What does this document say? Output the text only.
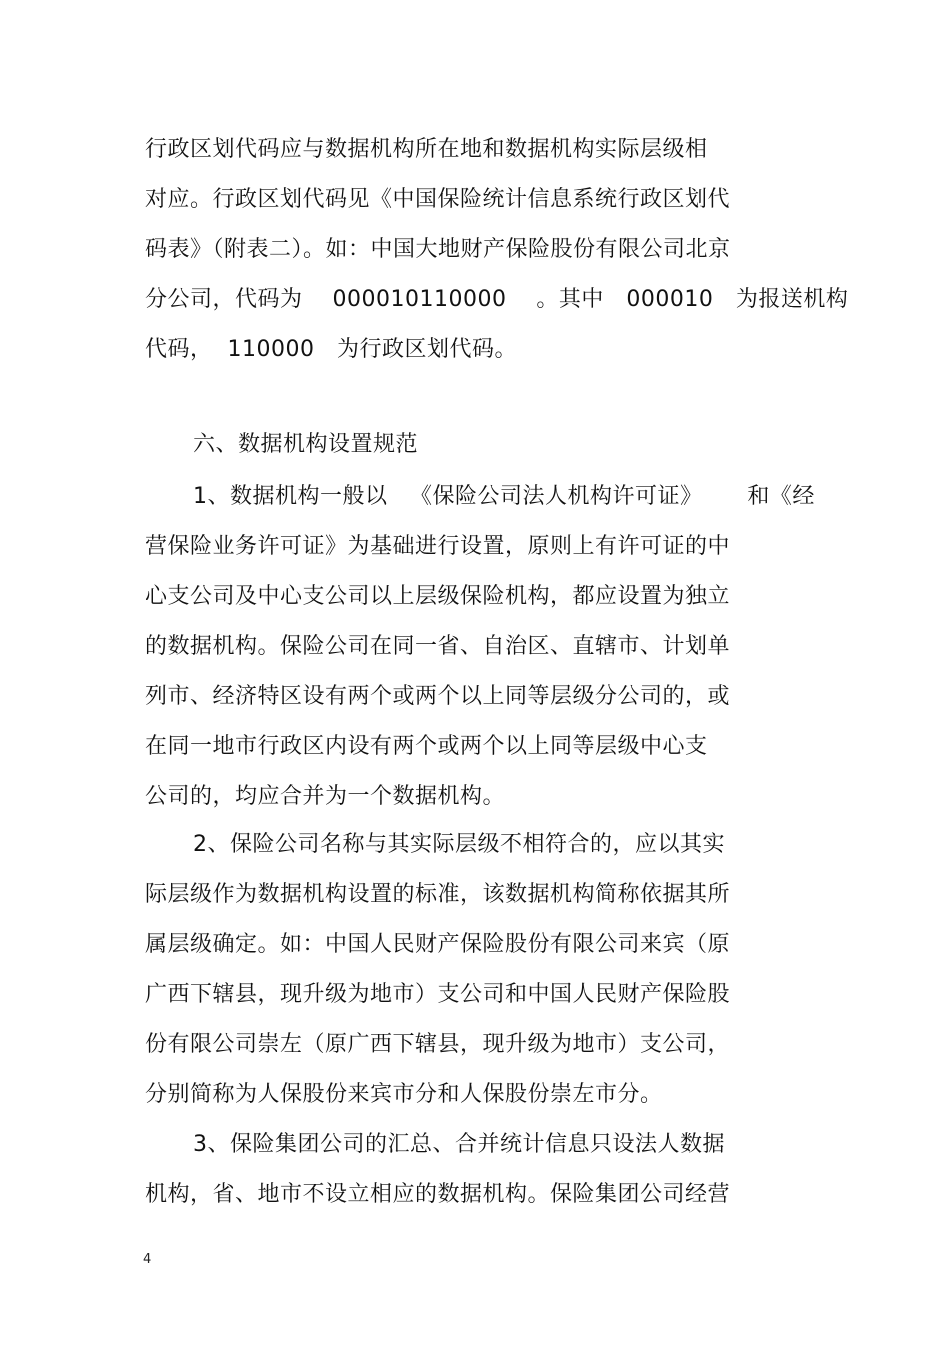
行政区划代码应与数据机构所在地和数据机构实际层级相
对应。行政区划代码见《中国保险统计信息系统行政区划代
码表》（附表二）。如：中国大地财产保险股份有限公司北京
分公司，代码为    000010110000    。其中   000010   为报送机构
代码，  110000   为行政区划代码。
六、数据机构设置规范
1、数据机构一般以   《保险公司法人机构许可证》      和《经
营保险业务许可证》为基础进行设置，原则上有许可证的中
心支公司及中心支公司以上层级保险机构，都应设置为独立
的数据机构。保险公司在同一省、自治区、直辖市、计划单
列市、经济特区设有两个或两个以上同等层级分公司的，或
在同一地市行政区内设有两个或两个以上同等层级中心支
公司的，均应合并为一个数据机构。
2、保险公司名称与其实际层级不相符合的，应以其实
际层级作为数据机构设置的标准，该数据机构简称依据其所
属层级确定。如：中国人民财产保险股份有限公司来宾（原
广西下辖县，现升级为地市）支公司和中国人民财产保险股
份有限公司崇左（原广西下辖县，现升级为地市）支公司，
分别简称为人保股份来宾市分和人保股份崇左市分。
3、保险集团公司的汇总、合并统计信息只设法人数据
机构，省、地市不设立相应的数据机构。保险集团公司经营
4
